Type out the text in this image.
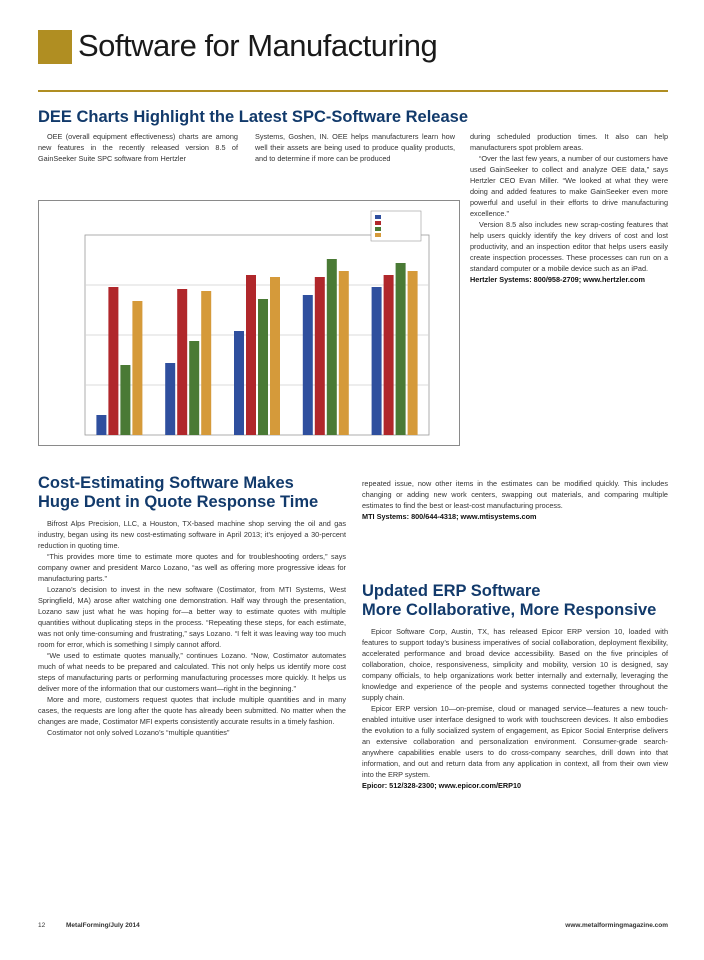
Software for Manufacturing
DEE Charts Highlight the Latest SPC-Software Release

OEE (overall equipment effectiveness) charts are among new features in the recently released version 8.5 of GainSeeker Suite SPC software from Hertzler

Systems, Goshen, IN. OEE helps manufacturers learn how well their assets are being used to produce quality products, and to determine if more can be produced

during scheduled production times. It also can help manufacturers spot problem areas.

“Over the last few years, a number of our customers have used GainSeeker to collect and analyze OEE data,” says Hertzler CEO Evan Miller. “We looked at what they were doing and added features to make GainSeeker even more powerful and useful in their efforts to drive manufacturing excellence.”

Version 8.5 also includes new scrap-costing features that help users quickly identify the key drivers of cost and lost productivity, and an inspection editor that helps users easily create inspection processes. These processes can run on a standard computer or a mobile device such as an iPad.

Hertzler Systems: 800/958-2709; www.hertzler.com

Cost-Estimating Software Makes
Huge Dent in Quote Response Time

Bifrost Alps Precision, LLC, a Houston, TX-based machine shop serving the oil and gas industry, began using its new cost-estimating software in April 2013; it’s enjoyed a 30-percent reduction in quoting time.

“This provides more time to estimate more quotes and for troubleshooting orders,” says company owner and president Marco Lozano, “as well as offering more progressive ideas for manufacturing parts.”

Lozano’s decision to invest in the new software (Costimator, from MTI Systems, West Springfield, MA) arose after watching one demonstration. Half way through the presentation, Lozano saw just what he was hoping for—a better way to estimate quotes with multiple quantities without duplicating steps in the process. “Repeating these steps, for each estimate, was not only time-consuming and frustrating,” says Lozano. “I felt it was leaving way too much room for error, which is something I simply cannot afford.

“We used to estimate quotes manually,” continues Lozano. “Now, Costimator automates much of what needs to be prepared and calculated. This not only helps us identify more cost steps of manufacturing parts or performing manufacturing processes more quickly. It helps us deliver more of the information that our customers want—right in the beginning.”

More and more, customers request quotes that include multiple quantities and in many cases, the requests are long after the quote has already been submitted. No matter when the changes are made, Costimator MFI experts consistently accurate results in a timely fashion.

Costimator not only solved Lozano’s “multiple quantities”

repeated issue, now other items in the estimates can be modified quickly. This includes changing or adding new work centers, swapping out materials, and comparing multiple estimates to find the best or least-cost manufacturing process.

MTI Systems: 800/644-4318; www.mtisystems.com

Updated ERP Software
More Collaborative, More Responsive

Epicor Software Corp, Austin, TX, has released Epicor ERP version 10, loaded with features to support today’s business imperatives of social collaboration, deployment flexibility, accelerated performance and broad device accessibility. Based on the five principles of collaboration, choice, responsiveness, simplicity and mobility, version 10 is designed, say company officials, to help organizations work better internally and externally, leveraging the knowledge and experience of the people and systems connected together throughout the supply chain.

Epicor ERP version 10—on-premise, cloud or managed service—features a new touch-enabled intuitive user interface designed to work with touchscreen devices. It also embodies the evolution to a fully socialized system of engagement, as Epicor Social Enterprise delivers an extensive collaboration and personalization environment. Consumer-grade search-anywhere capabilities enable users to do cross-company searches, drill down into that information, and out and return data from any application in context, all from their own view into the ERP system.

Epicor: 512/328-2300; www.epicor.com/ERP10

12	MetalForming/July 2014	www.metalformingmagazine.com
